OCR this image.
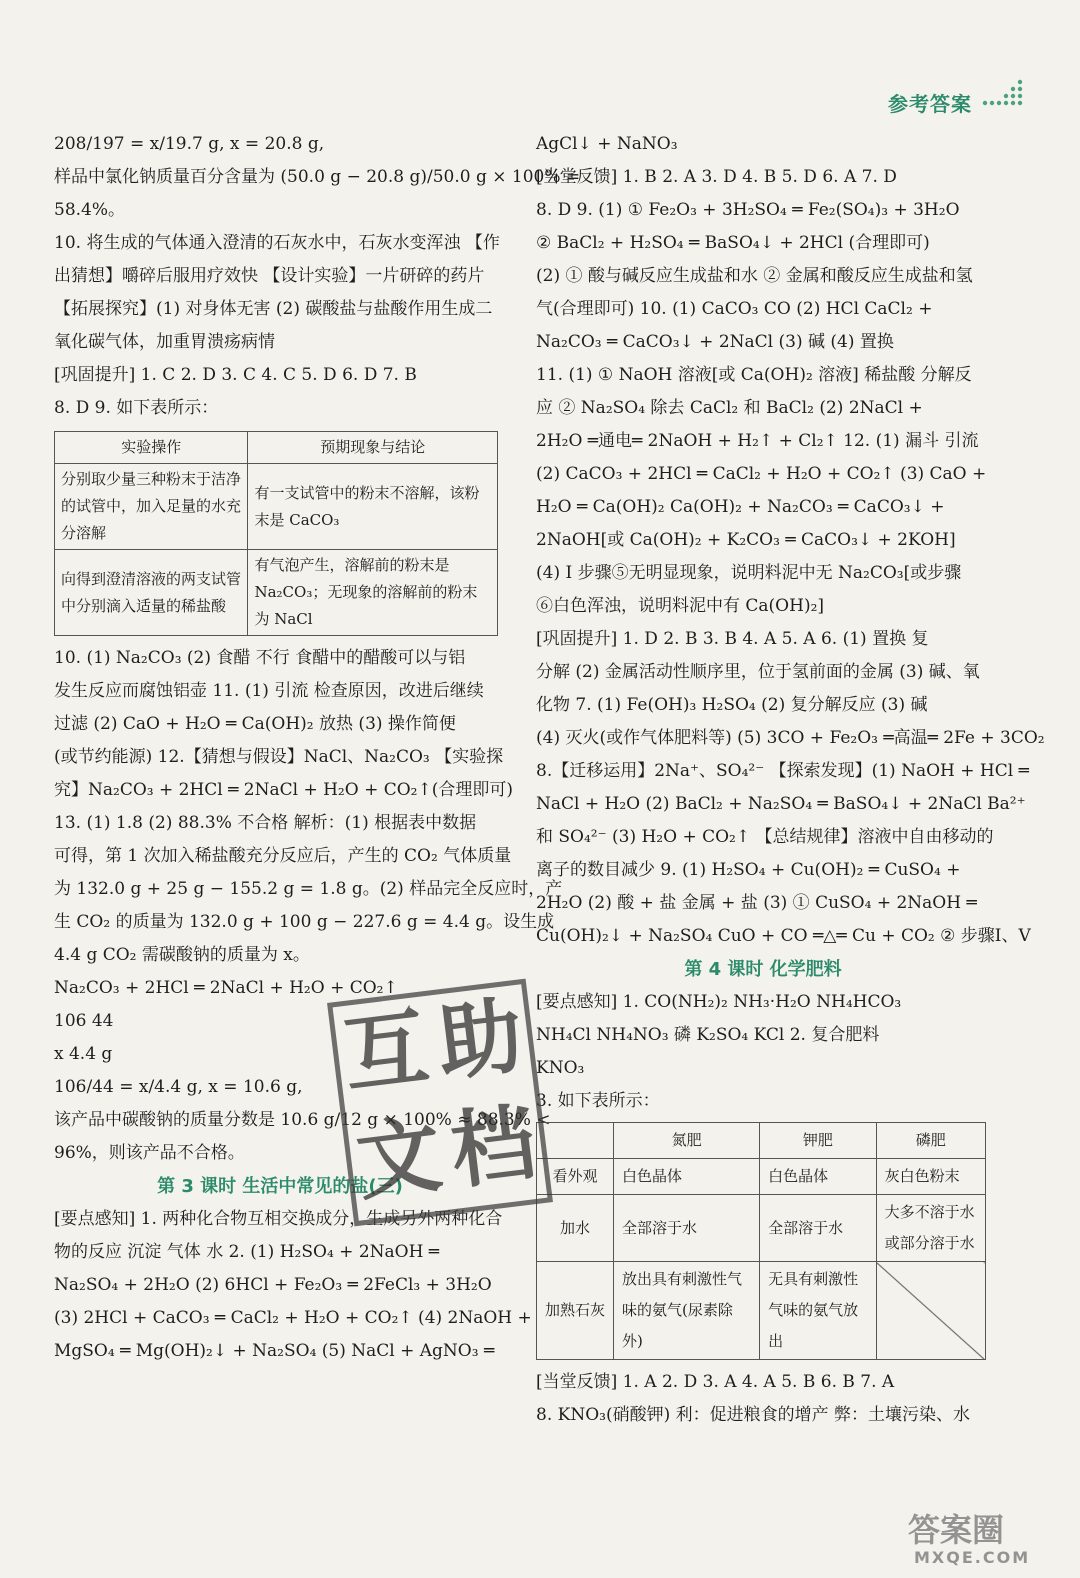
参考答案
208/197 = x/19.7 g, x = 20.8 g,
样品中氯化钠质量百分含量为 (50.0 g − 20.8 g)/50.0 g × 100% =
58.4%。
10. 将生成的气体通入澄清的石灰水中，石灰水变浑浊 【作
出猜想】嚼碎后服用疗效快 【设计实验】一片研碎的药片
【拓展探究】(1) 对身体无害 (2) 碳酸盐与盐酸作用生成二
氧化碳气体，加重胃溃疡病情
[巩固提升] 1. C 2. D 3. C 4. C 5. D 6. D 7. B
8. D 9. 如下表所示：
实验操作	预期现象与结论
分别取少量三种粉末于洁净的试管中，加入足量的水充分溶解	有一支试管中的粉末不溶解，该粉末是 CaCO₃
向得到澄清溶液的两支试管中分别滴入适量的稀盐酸	有气泡产生，溶解前的粉末是 Na₂CO₃；无现象的溶解前的粉末为 NaCl
10. (1) Na₂CO₃ (2) 食醋 不行 食醋中的醋酸可以与铝
发生反应而腐蚀铝壶 11. (1) 引流 检查原因，改进后继续
过滤 (2) CaO + H₂O ═ Ca(OH)₂ 放热 (3) 操作简便
(或节约能源) 12.【猜想与假设】NaCl、Na₂CO₃ 【实验探
究】Na₂CO₃ + 2HCl ═ 2NaCl + H₂O + CO₂↑(合理即可)
13. (1) 1.8 (2) 88.3% 不合格 解析：(1) 根据表中数据
可得，第 1 次加入稀盐酸充分反应后，产生的 CO₂ 气体质量
为 132.0 g + 25 g − 155.2 g = 1.8 g。(2) 样品完全反应时，产
生 CO₂ 的质量为 132.0 g + 100 g − 227.6 g = 4.4 g。设生成
4.4 g CO₂ 需碳酸钠的质量为 x。
Na₂CO₃ + 2HCl ═ 2NaCl + H₂O + CO₂↑
106 44
x 4.4 g
106/44 = x/4.4 g, x = 10.6 g,
该产品中碳酸钠的质量分数是 10.6 g/12 g × 100% ≈ 88.3% <
96%，则该产品不合格。
第 3 课时 生活中常见的盐(三)
[要点感知] 1. 两种化合物互相交换成分，生成另外两种化合
物的反应 沉淀 气体 水 2. (1) H₂SO₄ + 2NaOH ═
Na₂SO₄ + 2H₂O (2) 6HCl + Fe₂O₃ ═ 2FeCl₃ + 3H₂O
(3) 2HCl + CaCO₃ ═ CaCl₂ + H₂O + CO₂↑ (4) 2NaOH +
MgSO₄ ═ Mg(OH)₂↓ + Na₂SO₄ (5) NaCl + AgNO₃ ═
AgCl↓ + NaNO₃
[当堂反馈] 1. B 2. A 3. D 4. B 5. D 6. A 7. D
8. D 9. (1) ① Fe₂O₃ + 3H₂SO₄ ═ Fe₂(SO₄)₃ + 3H₂O
② BaCl₂ + H₂SO₄ ═ BaSO₄↓ + 2HCl (合理即可)
(2) ① 酸与碱反应生成盐和水 ② 金属和酸反应生成盐和氢
气(合理即可) 10. (1) CaCO₃ CO (2) HCl CaCl₂ +
Na₂CO₃ ═ CaCO₃↓ + 2NaCl (3) 碱 (4) 置换
11. (1) ① NaOH 溶液[或 Ca(OH)₂ 溶液] 稀盐酸 分解反
应 ② Na₂SO₄ 除去 CaCl₂ 和 BaCl₂ (2) 2NaCl +
2H₂O ═通电═ 2NaOH + H₂↑ + Cl₂↑ 12. (1) 漏斗 引流
(2) CaCO₃ + 2HCl ═ CaCl₂ + H₂O + CO₂↑ (3) CaO +
H₂O ═ Ca(OH)₂ Ca(OH)₂ + Na₂CO₃ ═ CaCO₃↓ +
2NaOH[或 Ca(OH)₂ + K₂CO₃ ═ CaCO₃↓ + 2KOH]
(4) Ⅰ 步骤⑤无明显现象，说明料泥中无 Na₂CO₃[或步骤
⑥白色浑浊，说明料泥中有 Ca(OH)₂]
[巩固提升] 1. D 2. B 3. B 4. A 5. A 6. (1) 置换 复
分解 (2) 金属活动性顺序里，位于氢前面的金属 (3) 碱、氧
化物 7. (1) Fe(OH)₃ H₂SO₄ (2) 复分解反应 (3) 碱
(4) 灭火(或作气体肥料等) (5) 3CO + Fe₂O₃ ═高温═ 2Fe + 3CO₂
8.【迁移运用】2Na⁺、SO₄²⁻ 【探索发现】(1) NaOH + HCl ═
NaCl + H₂O (2) BaCl₂ + Na₂SO₄ ═ BaSO₄↓ + 2NaCl Ba²⁺
和 SO₄²⁻ (3) H₂O + CO₂↑ 【总结规律】溶液中自由移动的
离子的数目减少 9. (1) H₂SO₄ + Cu(OH)₂ ═ CuSO₄ +
2H₂O (2) 酸 + 盐 金属 + 盐 (3) ① CuSO₄ + 2NaOH ═
Cu(OH)₂↓ + Na₂SO₄ CuO + CO ═△═ Cu + CO₂ ② 步骤Ⅰ、Ⅴ
第 4 课时 化学肥料
[要点感知] 1. CO(NH₂)₂ NH₃·H₂O NH₄HCO₃
NH₄Cl NH₄NO₃ 磷 K₂SO₄ KCl 2. 复合肥料
KNO₃
3. 如下表所示：
	氮肥	钾肥	磷肥
看外观	白色晶体	白色晶体	灰白色粉末
加水	全部溶于水	全部溶于水	大多不溶于水或部分溶于水
加熟石灰	放出具有刺激性气味的氨气(尿素除外)	无具有刺激性气味的氨气放出	
[当堂反馈] 1. A 2. D 3. A 4. A 5. B 6. B 7. A
8. KNO₃(硝酸钾) 利：促进粮食的增产 弊：土壤污染、水
互
助
文
档
答案圈
MXQE.COM
